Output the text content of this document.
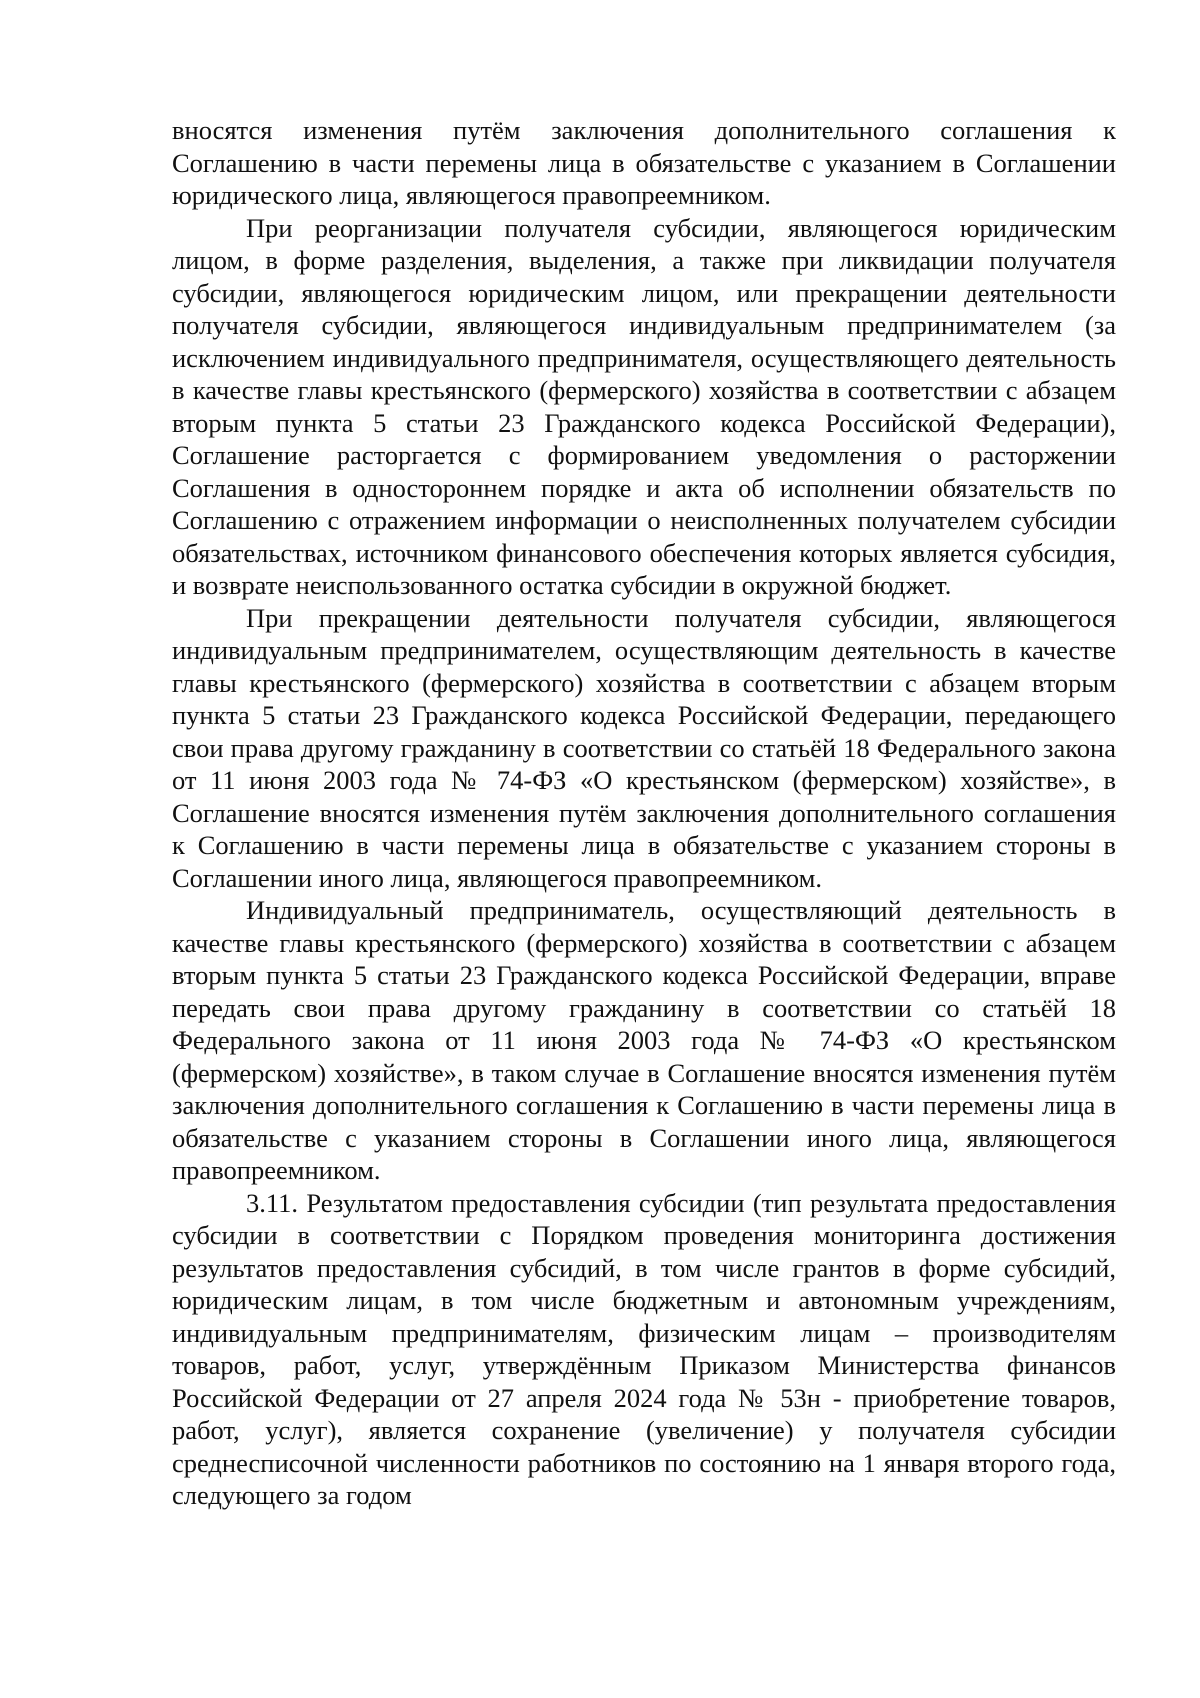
вносятся изменения путём заключения дополнительного соглашения к Соглашению в части перемены лица в обязательстве с указанием в Соглашении юридического лица, являющегося правопреемником.

При реорганизации получателя субсидии, являющегося юридическим лицом, в форме разделения, выделения, а также при ликвидации получателя субсидии, являющегося юридическим лицом, или прекращении деятельности получателя субсидии, являющегося индивидуальным предпринимателем (за исключением индивидуального предпринимателя, осуществляющего деятельность в качестве главы крестьянского (фермерского) хозяйства в соответствии с абзацем вторым пункта 5 статьи 23 Гражданского кодекса Российской Федерации), Соглашение расторгается с формированием уведомления о расторжении Соглашения в одностороннем порядке и акта об исполнении обязательств по Соглашению с отражением информации о неисполненных получателем субсидии обязательствах, источником финансового обеспечения которых является субсидия, и возврате неиспользованного остатка субсидии в окружной бюджет.

При прекращении деятельности получателя субсидии, являющегося индивидуальным предпринимателем, осуществляющим деятельность в качестве главы крестьянского (фермерского) хозяйства в соответствии с абзацем вторым пункта 5 статьи 23 Гражданского кодекса Российской Федерации, передающего свои права другому гражданину в соответствии со статьёй 18 Федерального закона от 11 июня 2003 года № 74-ФЗ «О крестьянском (фермерском) хозяйстве», в Соглашение вносятся изменения путём заключения дополнительного соглашения к Соглашению в части перемены лица в обязательстве с указанием стороны в Соглашении иного лица, являющегося правопреемником.

Индивидуальный предприниматель, осуществляющий деятельность в качестве главы крестьянского (фермерского) хозяйства в соответствии с абзацем вторым пункта 5 статьи 23 Гражданского кодекса Российской Федерации, вправе передать свои права другому гражданину в соответствии со статьёй 18 Федерального закона от 11 июня 2003 года № 74-ФЗ «О крестьянском (фермерском) хозяйстве», в таком случае в Соглашение вносятся изменения путём заключения дополнительного соглашения к Соглашению в части перемены лица в обязательстве с указанием стороны в Соглашении иного лица, являющегося правопреемником.

3.11. Результатом предоставления субсидии (тип результата предоставления субсидии в соответствии с Порядком проведения мониторинга достижения результатов предоставления субсидий, в том числе грантов в форме субсидий, юридическим лицам, в том числе бюджетным и автономным учреждениям, индивидуальным предпринимателям, физическим лицам – производителям товаров, работ, услуг, утверждённым Приказом Министерства финансов Российской Федерации от 27 апреля 2024 года № 53н - приобретение товаров, работ, услуг), является сохранение (увеличение) у получателя субсидии среднесписочной численности работников по состоянию на 1 января второго года, следующего за годом
